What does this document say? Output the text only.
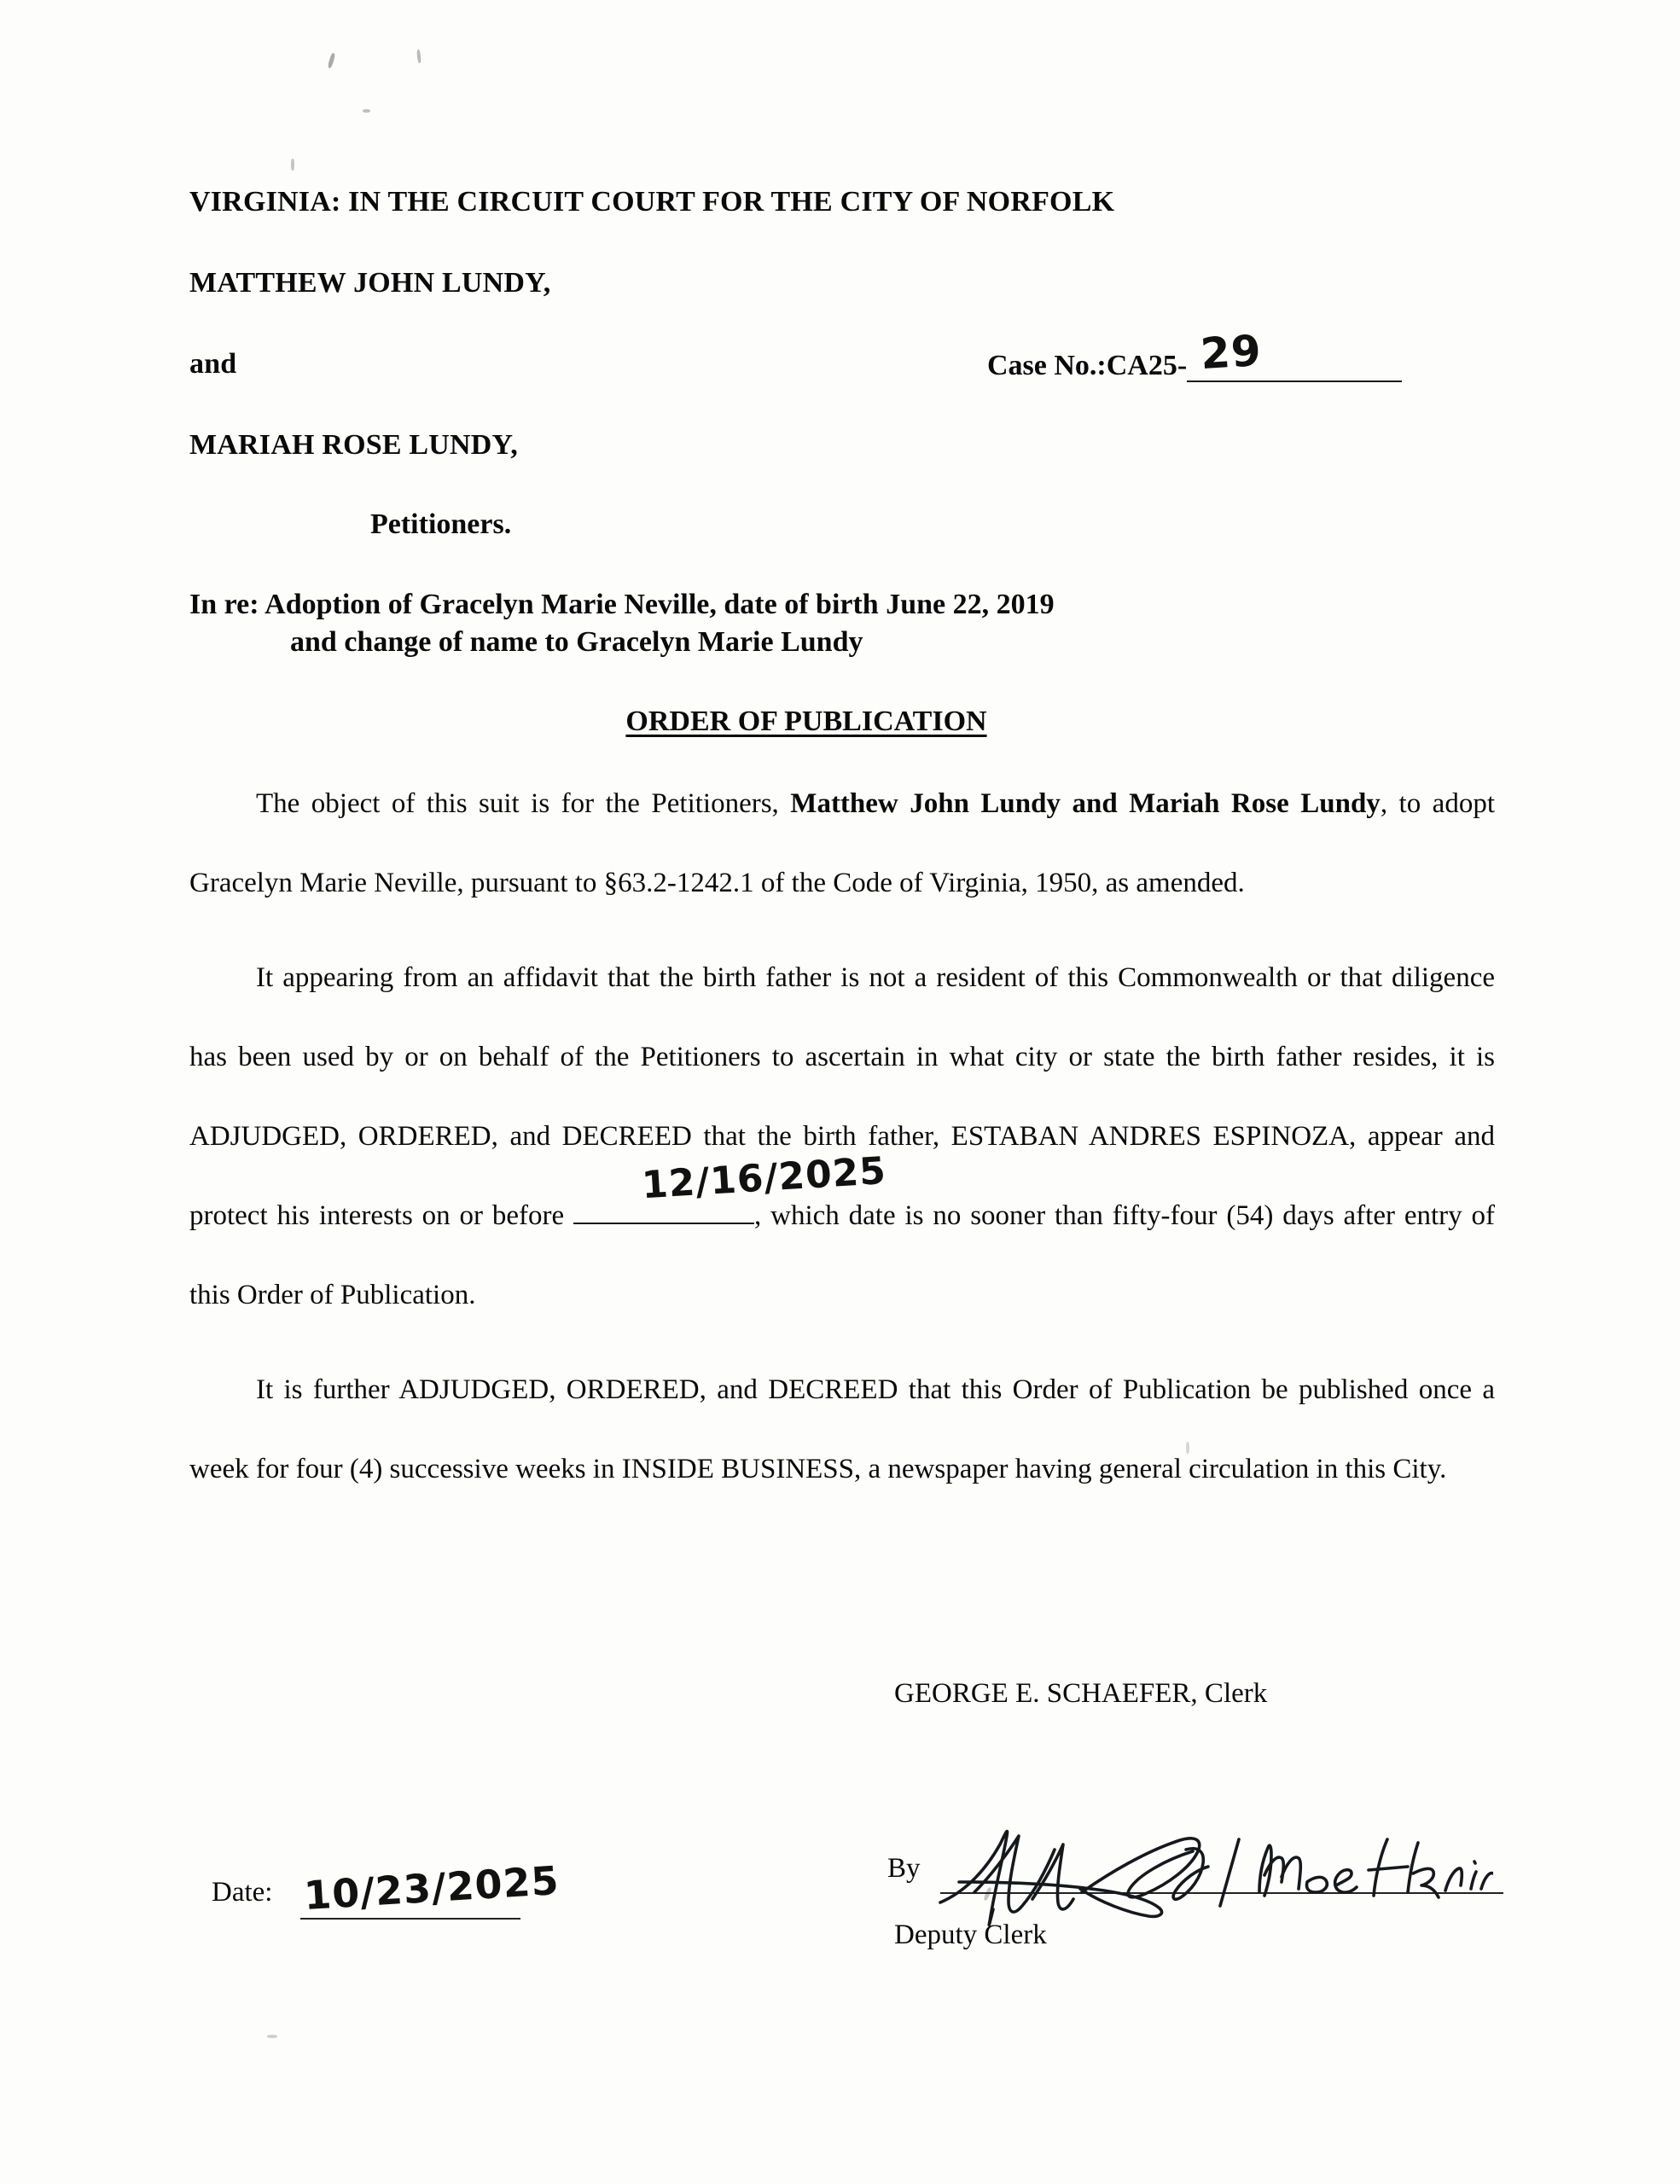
VIRGINIA: IN THE CIRCUIT COURT FOR THE CITY OF NORFOLK
MATTHEW JOHN LUNDY,
and	Case No.:CA25- 29
MARIAH ROSE LUNDY,
Petitioners.
In re: Adoption of Gracelyn Marie Neville, date of birth June 22, 2019
and change of name to Gracelyn Marie Lundy
ORDER OF PUBLICATION

The object of this suit is for the Petitioners, Matthew John Lundy and Mariah Rose Lundy, to adopt Gracelyn Marie Neville, pursuant to §63.2-1242.1 of the Code of Virginia, 1950, as amended.

It appearing from an affidavit that the birth father is not a resident of this Commonwealth or that diligence has been used by or on behalf of the Petitioners to ascertain in what city or state the birth father resides, it is ADJUDGED, ORDERED, and DECREED that the birth father, ESTABAN ANDRES ESPINOZA, appear and protect his interests on or before
12/16/2025
, which date is no sooner than fifty-four (54) days after entry of this Order of Publication.

It is further ADJUDGED, ORDERED, and DECREED that this Order of Publication be published once a week for four (4) successive weeks in INSIDE BUSINESS, a newspaper having general circulation in this City.

GEORGE E. SCHAEFER, Clerk
By
Deputy Clerk
Date: 10/23/2025
